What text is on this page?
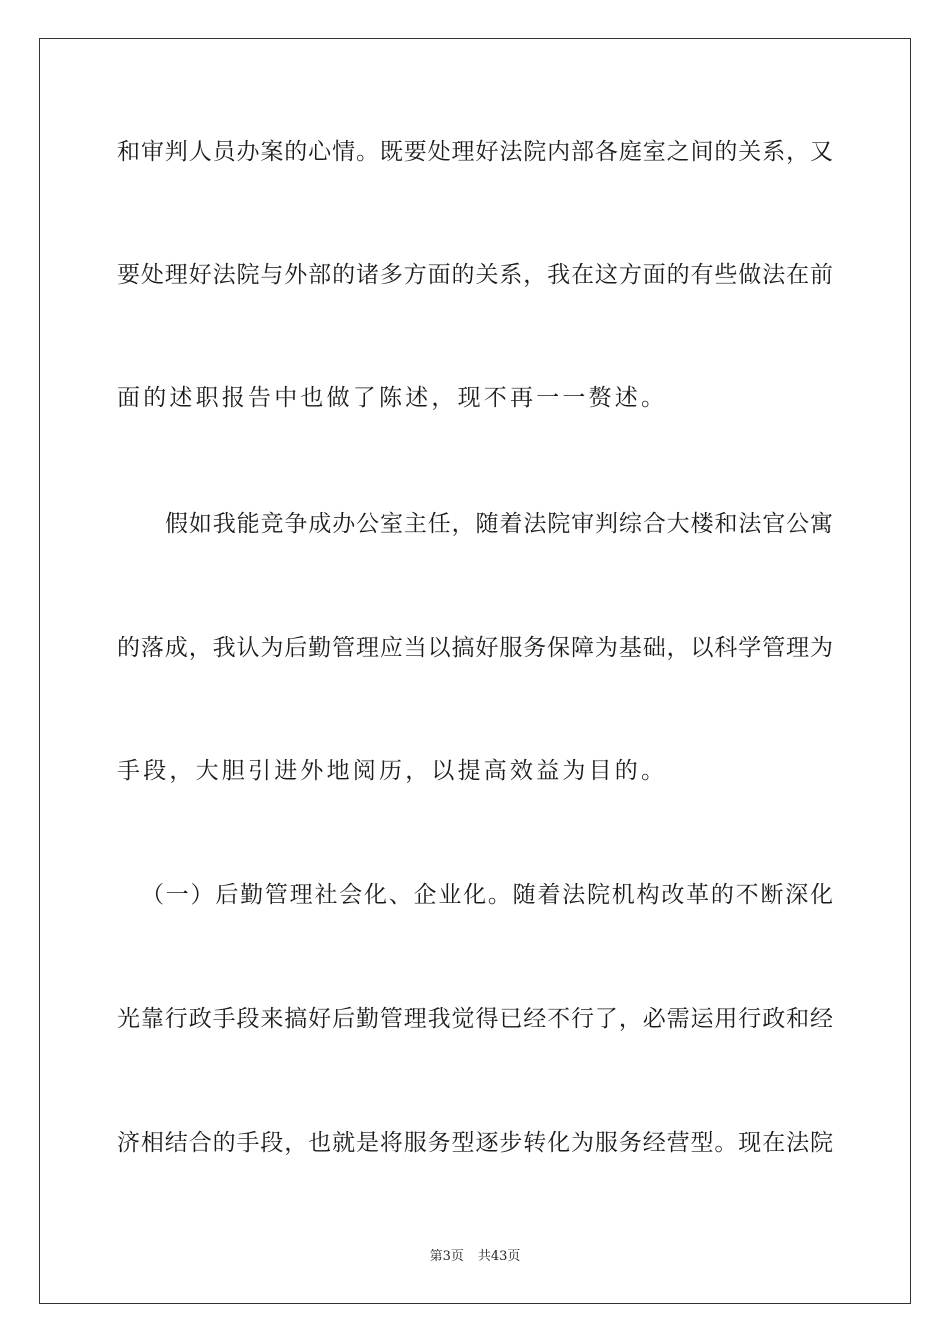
和审判人员办案的心情。既要处理好法院内部各庭室之间的关系，又
要处理好法院与外部的诸多方面的关系，我在这方面的有些做法在前
面的述职报告中也做了陈述，现不再一一赘述。
假如我能竞争成办公室主任，随着法院审判综合大楼和法官公寓
的落成，我认为后勤管理应当以搞好服务保障为基础，以科学管理为
手段，大胆引进外地阅历，以提高效益为目的。
（一）后勤管理社会化、企业化。随着法院机构改革的不断深化
光靠行政手段来搞好后勤管理我觉得已经不行了，必需运用行政和经
济相结合的手段，也就是将服务型逐步转化为服务经营型。现在法院
第3页 共43页
